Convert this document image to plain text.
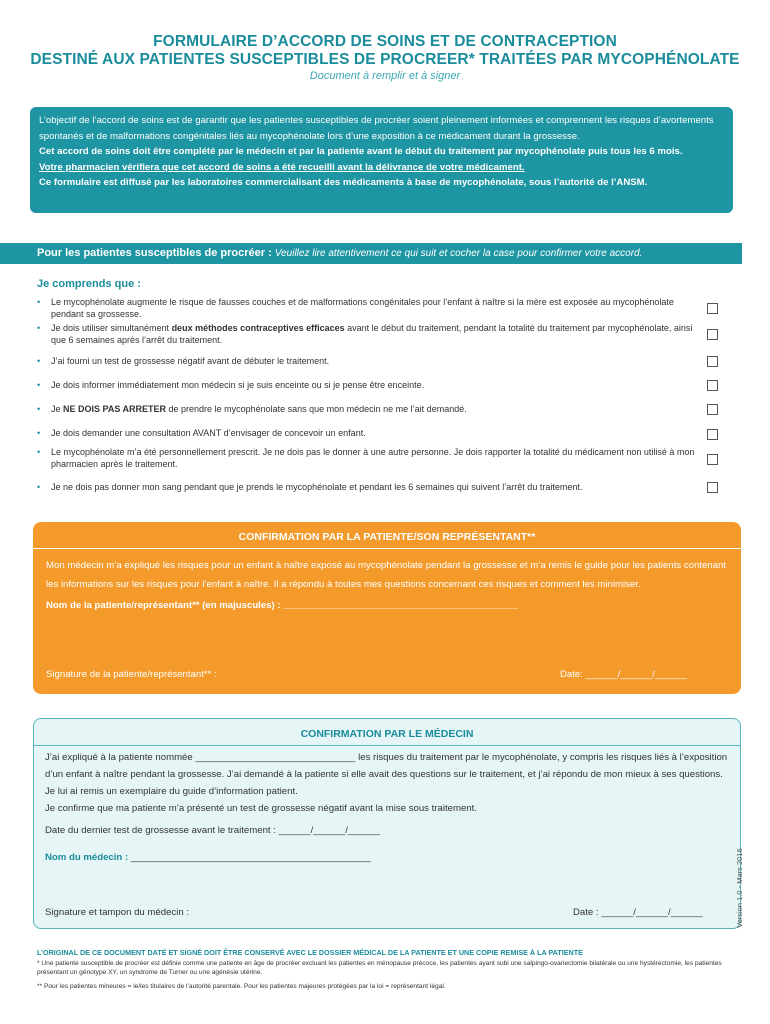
FORMULAIRE D’ACCORD DE SOINS ET DE CONTRACEPTION
DESTINÉ AUX PATIENTES SUSCEPTIBLES DE PROCREER* TRAITÉES PAR MYCOPHÉNOLATE
Document à remplir et à signer

L’objectif de l’accord de soins est de garantir que les patientes susceptibles de procréer soient pleinement informées et comprennent les risques d’avortements spontanés et de malformations congénitales liés au mycophénolate lors d’une exposition à ce médicament durant la grossesse.

Cet accord de soins doit être complété par le médecin et par la patiente avant le début du traitement par mycophénolate puis tous les 6 mois.

Votre pharmacien vérifiera que cet accord de soins a été recueilli avant la délivrance de votre médicament.

Ce formulaire est diffusé par les laboratoires commercialisant des médicaments à base de mycophénolate, sous l’autorité de l’ANSM.

Pour les patientes susceptibles de procréer : Veuillez lire attentivement ce qui suit et cocher la case pour confirmer votre accord.
Je comprends que :
• Le mycophénolate augmente le risque de fausses couches et de malformations congénitales pour l’enfant à naître si la mère est exposée au mycophénolate pendant sa grossesse.
• Je dois utiliser simultanément deux méthodes contraceptives efficaces avant le début du traitement, pendant la totalité du traitement par mycophénolate, ainsi que 6 semaines après l’arrêt du traitement.
• J’ai fourni un test de grossesse négatif avant de débuter le traitement.
• Je dois informer immédiatement mon médecin si je suis enceinte ou si je pense être enceinte.
• Je NE DOIS PAS ARRETER de prendre le mycophénolate sans que mon médecin ne me l’ait demandé.
• Je dois demander une consultation AVANT d’envisager de concevoir un enfant.
• Le mycophénolate m’a été personnellement prescrit. Je ne dois pas le donner à une autre personne. Je dois rapporter la totalité du médicament non utilisé à mon pharmacien après le traitement.
• Je ne dois pas donner mon sang pendant que je prends le mycophénolate et pendant les 6 semaines qui suivent l’arrêt du traitement.
CONFIRMATION PAR LA PATIENTE/SON REPRÉSENTANT**
Mon médecin m’a expliqué les risques pour un enfant à naître exposé au mycophénolate pendant la grossesse et m’a remis le guide pour les patients contenant les informations sur les risques pour l’enfant à naître. Il a répondu à toutes mes questions concernant ces risques et comment les minimiser.
Nom de la patiente/représentant** (en majuscules) : ____________________________________________
Signature de la patiente/représentant** :	Date: ______/______/______
CONFIRMATION PAR LE MÉDECIN
J’ai expliqué à la patiente nommée ______________________________ les risques du traitement par le mycophénolate, y compris les risques liés à l’exposition d’un enfant à naître pendant la grossesse. J’ai demandé à la patiente si elle avait des questions sur le traitement, et j’ai répondu de mon mieux à ses questions. Je lui ai remis un exemplaire du guide d’information patient.
Je confirme que ma patiente m’a présenté un test de grossesse négatif avant la mise sous traitement.
Date du dernier test de grossesse avant le traitement : ______/______/______
Nom du médecin : _____________________________________________
Signature et tampon du médecin :	Date : ______/______/______	Version 1.0 - Mars 2016
L’ORIGINAL DE CE DOCUMENT DATÉ ET SIGNÉ DOIT ÊTRE CONSERVÉ AVEC LE DOSSIER MÉDICAL DE LA PATIENTE ET UNE COPIE REMISE À LA PATIENTE
* Une patiente susceptible de procréer est définie comme une patiente en âge de procréer excluant les patientes en ménopause précoce, les patientes ayant subi une salpingo-ovariectomie bilatérale ou une hystérectomie, les patientes présentant un génotype XY, un syndrome de Turner ou une agénésie utérine.
** Pour les patientes mineures = le/les titulaires de l’autorité parentale. Pour les patientes majeures protégées par la loi = représentant légal.
